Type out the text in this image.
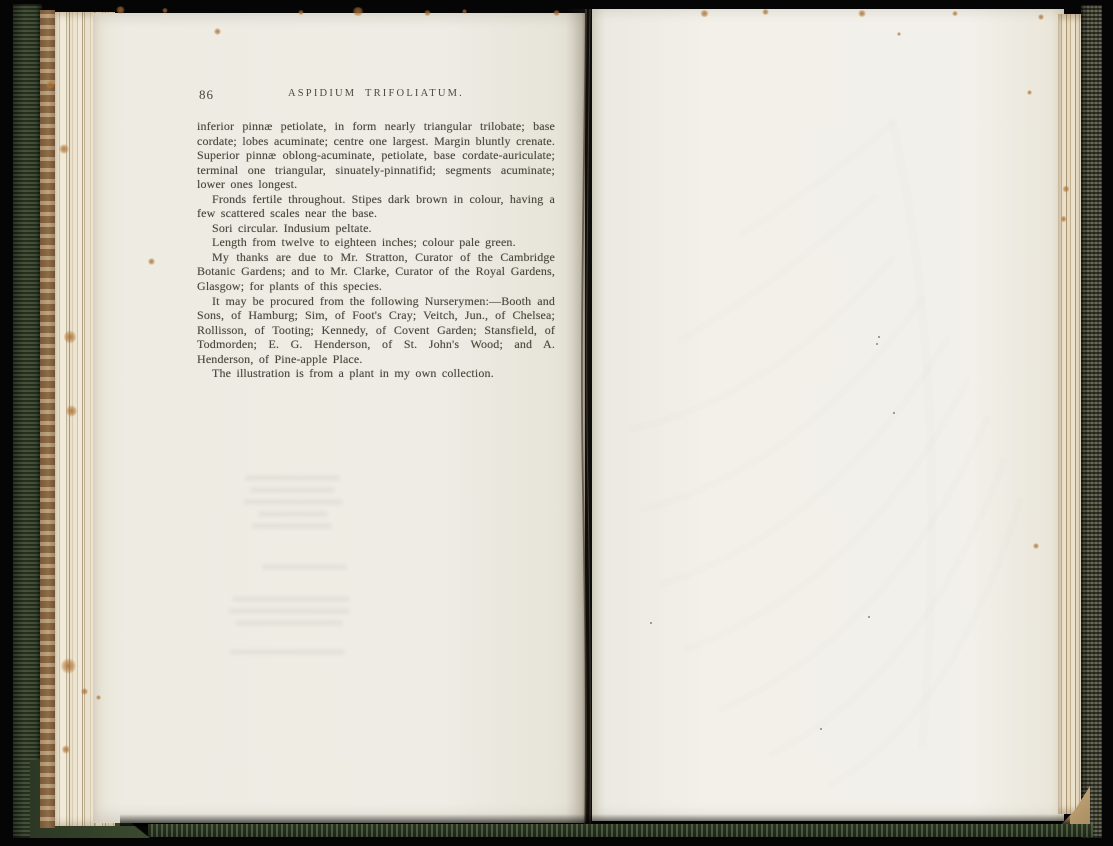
86	ASPIDIUM TRIFOLIATUM.

inferior pinnæ petiolate, in form nearly triangular trilobate; base cordate; lobes acuminate; centre one largest. Margin bluntly crenate. Superior pinnæ oblong-acuminate, petiolate, base cordate-auriculate; terminal one triangular, sinuately-pinnatifid; segments acuminate; lower ones longest.

Fronds fertile throughout. Stipes dark brown in colour, having a few scattered scales near the base.

Sori circular. Indusium peltate.

Length from twelve to eighteen inches; colour pale green.

My thanks are due to Mr. Stratton, Curator of the Cambridge Botanic Gardens; and to Mr. Clarke, Curator of the Royal Gardens, Glasgow; for plants of this species.

It may be procured from the following Nurserymen:—Booth and Sons, of Hamburg; Sim, of Foot's Cray; Veitch, Jun., of Chelsea; Rollisson, of Tooting; Kennedy, of Covent Garden; Stansfield, of Todmorden; E. G. Henderson, of St. John's Wood; and A. Henderson, of Pine-apple Place.

The illustration is from a plant in my own collection.
